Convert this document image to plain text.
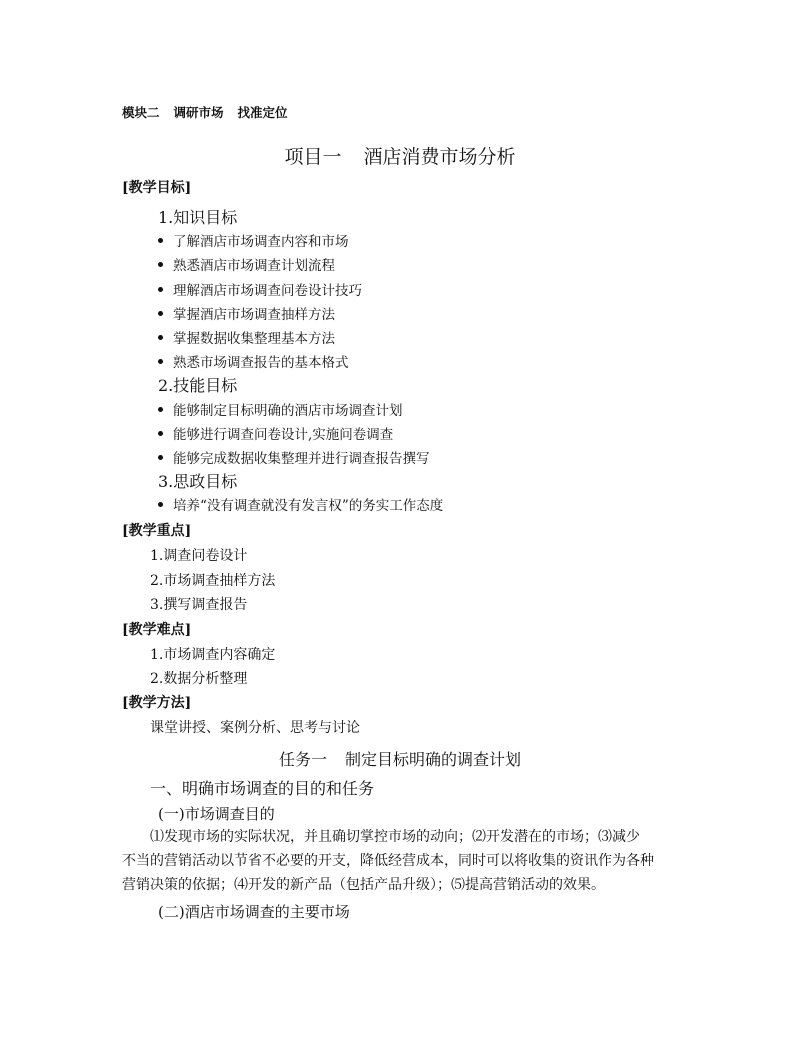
模块二 调研市场 找准定位
项目一 酒店消费市场分析
[教学目标]
1.知识目标
了解酒店市场调查内容和市场
熟悉酒店市场调查计划流程
理解酒店市场调查问卷设计技巧
掌握酒店市场调查抽样方法
掌握数据收集整理基本方法
熟悉市场调查报告的基本格式
2.技能目标
能够制定目标明确的酒店市场调查计划
能够进行调查问卷设计,实施问卷调查
能够完成数据收集整理并进行调查报告撰写
3.思政目标
培养“没有调查就没有发言权”的务实工作态度
[教学重点]
1.调查问卷设计
2.市场调查抽样方法
3.撰写调查报告
[教学难点]
1.市场调查内容确定
2.数据分析整理
[教学方法]
课堂讲授、案例分析、思考与讨论
任务一 制定目标明确的调查计划
一、明确市场调查的目的和任务
(一)市场调查目的
⑴发现市场的实际状况，并且确切掌控市场的动向；⑵开发潜在的市场；⑶减少
不当的营销活动以节省不必要的开支，降低经营成本，同时可以将收集的资讯作为各种
营销决策的依据；⑷开发的新产品（包括产品升级）；⑸提高营销活动的效果。
(二)酒店市场调查的主要市场
